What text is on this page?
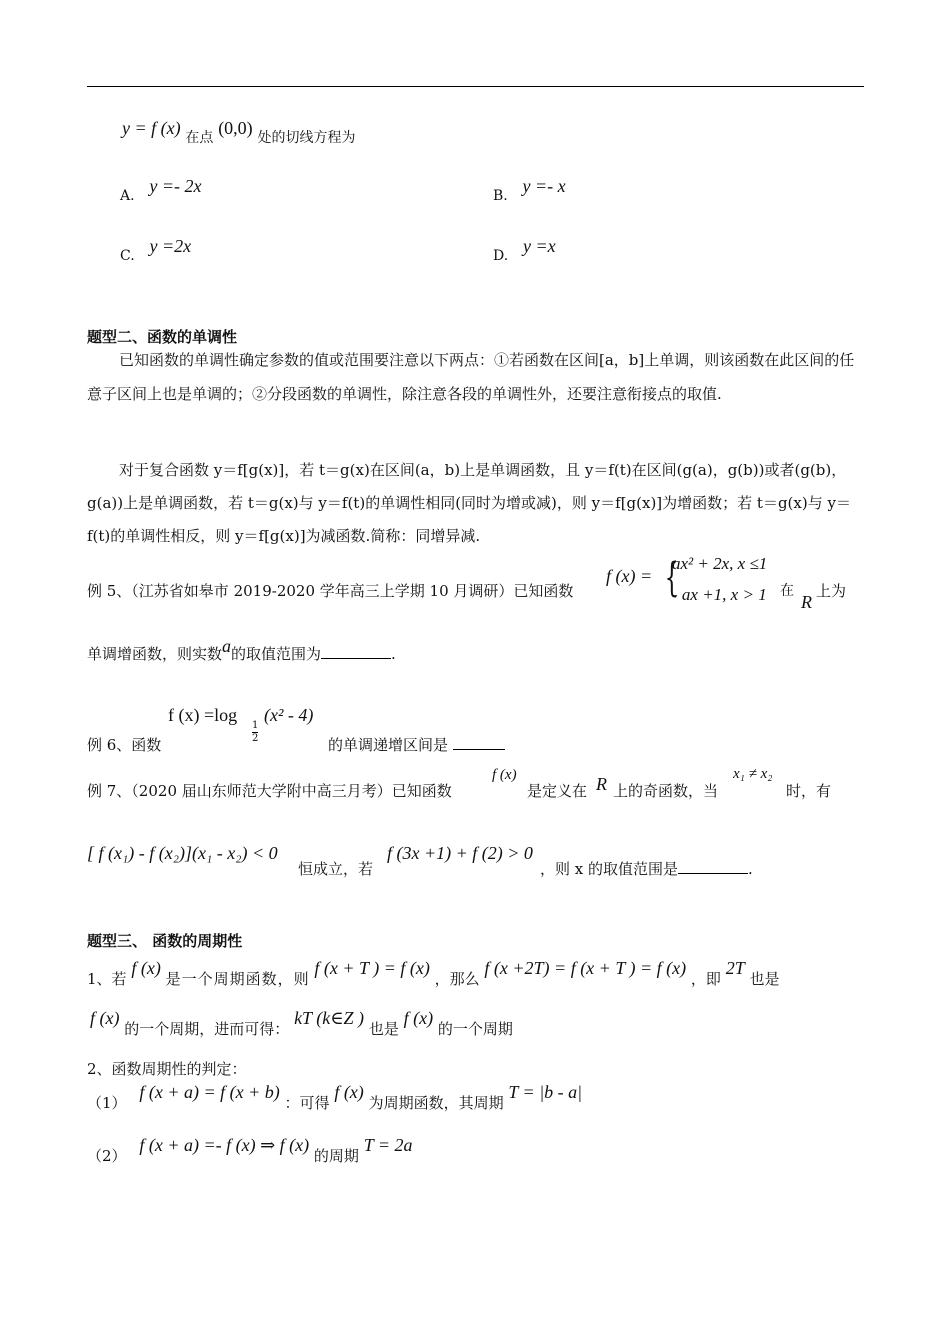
y = f (x) 在点 (0,0) 处的切线方程为
A. y =- 2x	B. y =- x
C. y =2x	D. y =x
题型二、函数的单调性
已知函数的单调性确定参数的值或范围要注意以下两点：①若函数在区间[a，b]上单调，则该函数在此区间的任意子区间上也是单调的；②分段函数的单调性，除注意各段的单调性外，还要注意衔接点的取值.
对于复合函数 y＝f[g(x)]，若 t＝g(x)在区间(a，b)上是单调函数，且 y＝f(t)在区间(g(a)，g(b))或者(g(b)，g(a))上是单调函数，若 t＝g(x)与 y＝f(t)的单调性相同(同时为增或减)，则 y＝f[g(x)]为增函数；若 t＝g(x)与 y＝f(t)的单调性相反，则 y＝f[g(x)]为减函数.简称：同增异减.
例 5、（江苏省如皋市 2019-2020 学年高三上学期 10 月调研）已知函数
f (x) = {
ax² + 2x, x ≤1
- ax +1, x > 1 在
R
上为
单调增函数，则实数a的取值范围为	.
f (x) =log
$\frac{1}{2}$
(x² - 4)
例 6、函数	的单调递增区间是
例 7、（2020 届山东师范大学附中高三月考）已知函数
f (x)
是定义在 R 上的奇函数，当
x₁ ≠ x₂
时，有
[ f (x₁) - f (x₂)](x₁ - x₂) < 0
恒成立，若
f (3x +1) + f (2) > 0
，则 x 的取值范围是	.
题型三、 函数的周期性
1、若 f (x) 是一个周期函数，则 f (x + T ) = f (x) ，那么 f (x +2T) = f (x + T ) = f (x) ，即 2T 也是
f (x) 的一个周期，进而可得： kT (k∈Z ) 也是 f (x) 的一个周期
2、函数周期性的判定：
（1） f (x + a) = f (x + b) ：可得 f (x) 为周期函数，其周期 T = |b - a|
（2） f (x + a) =- f (x) ⇒ f (x) 的周期 T = 2a
